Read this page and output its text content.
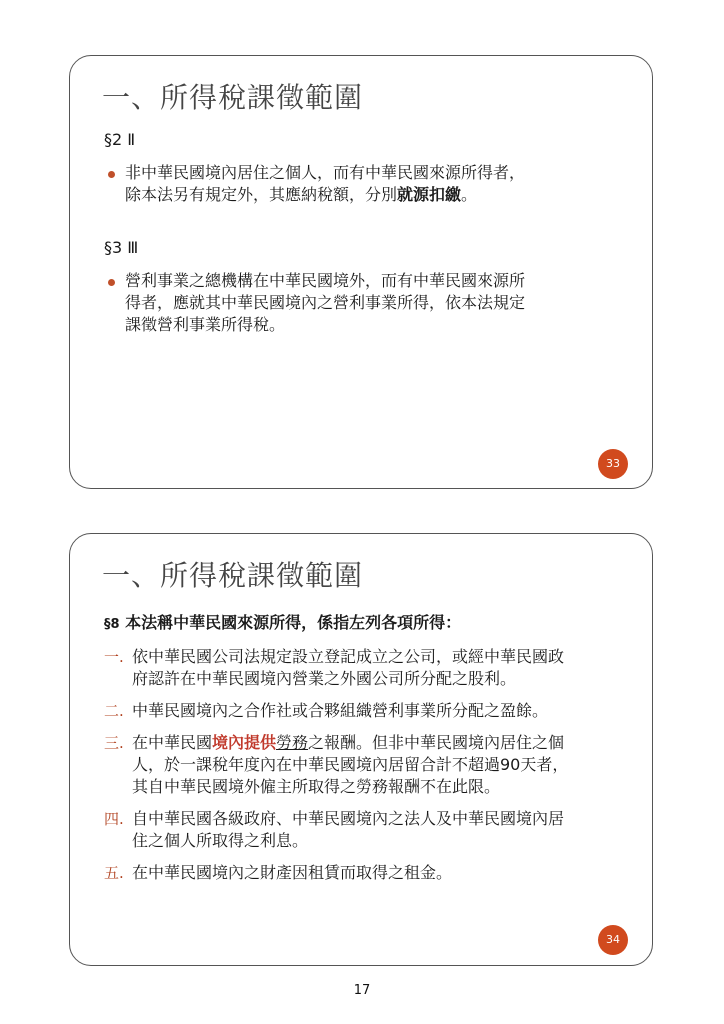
一、所得稅課徵範圍
§2 Ⅱ
非中華民國境內居住之個人，而有中華民國來源所得者，
除本法另有規定外，其應納稅額，分別就源扣繳。
§3 Ⅲ
營利事業之總機構在中華民國境外，而有中華民國來源所
得者，應就其中華民國境內之營利事業所得，依本法規定
課徵營利事業所得稅。
33
一、所得稅課徵範圍
§8 本法稱中華民國來源所得，係指左列各項所得：
一. 依中華民國公司法規定設立登記成立之公司，或經中華民國政
府認許在中華民國境內營業之外國公司所分配之股利。
二. 中華民國境內之合作社或合夥組織營利事業所分配之盈餘。
三. 在中華民國境內提供勞務之報酬。但非中華民國境內居住之個
人，於一課稅年度內在中華民國境內居留合計不超過90天者，
其自中華民國境外僱主所取得之勞務報酬不在此限。
四. 自中華民國各級政府、中華民國境內之法人及中華民國境內居
住之個人所取得之利息。
五. 在中華民國境內之財產因租賃而取得之租金。
34
17
